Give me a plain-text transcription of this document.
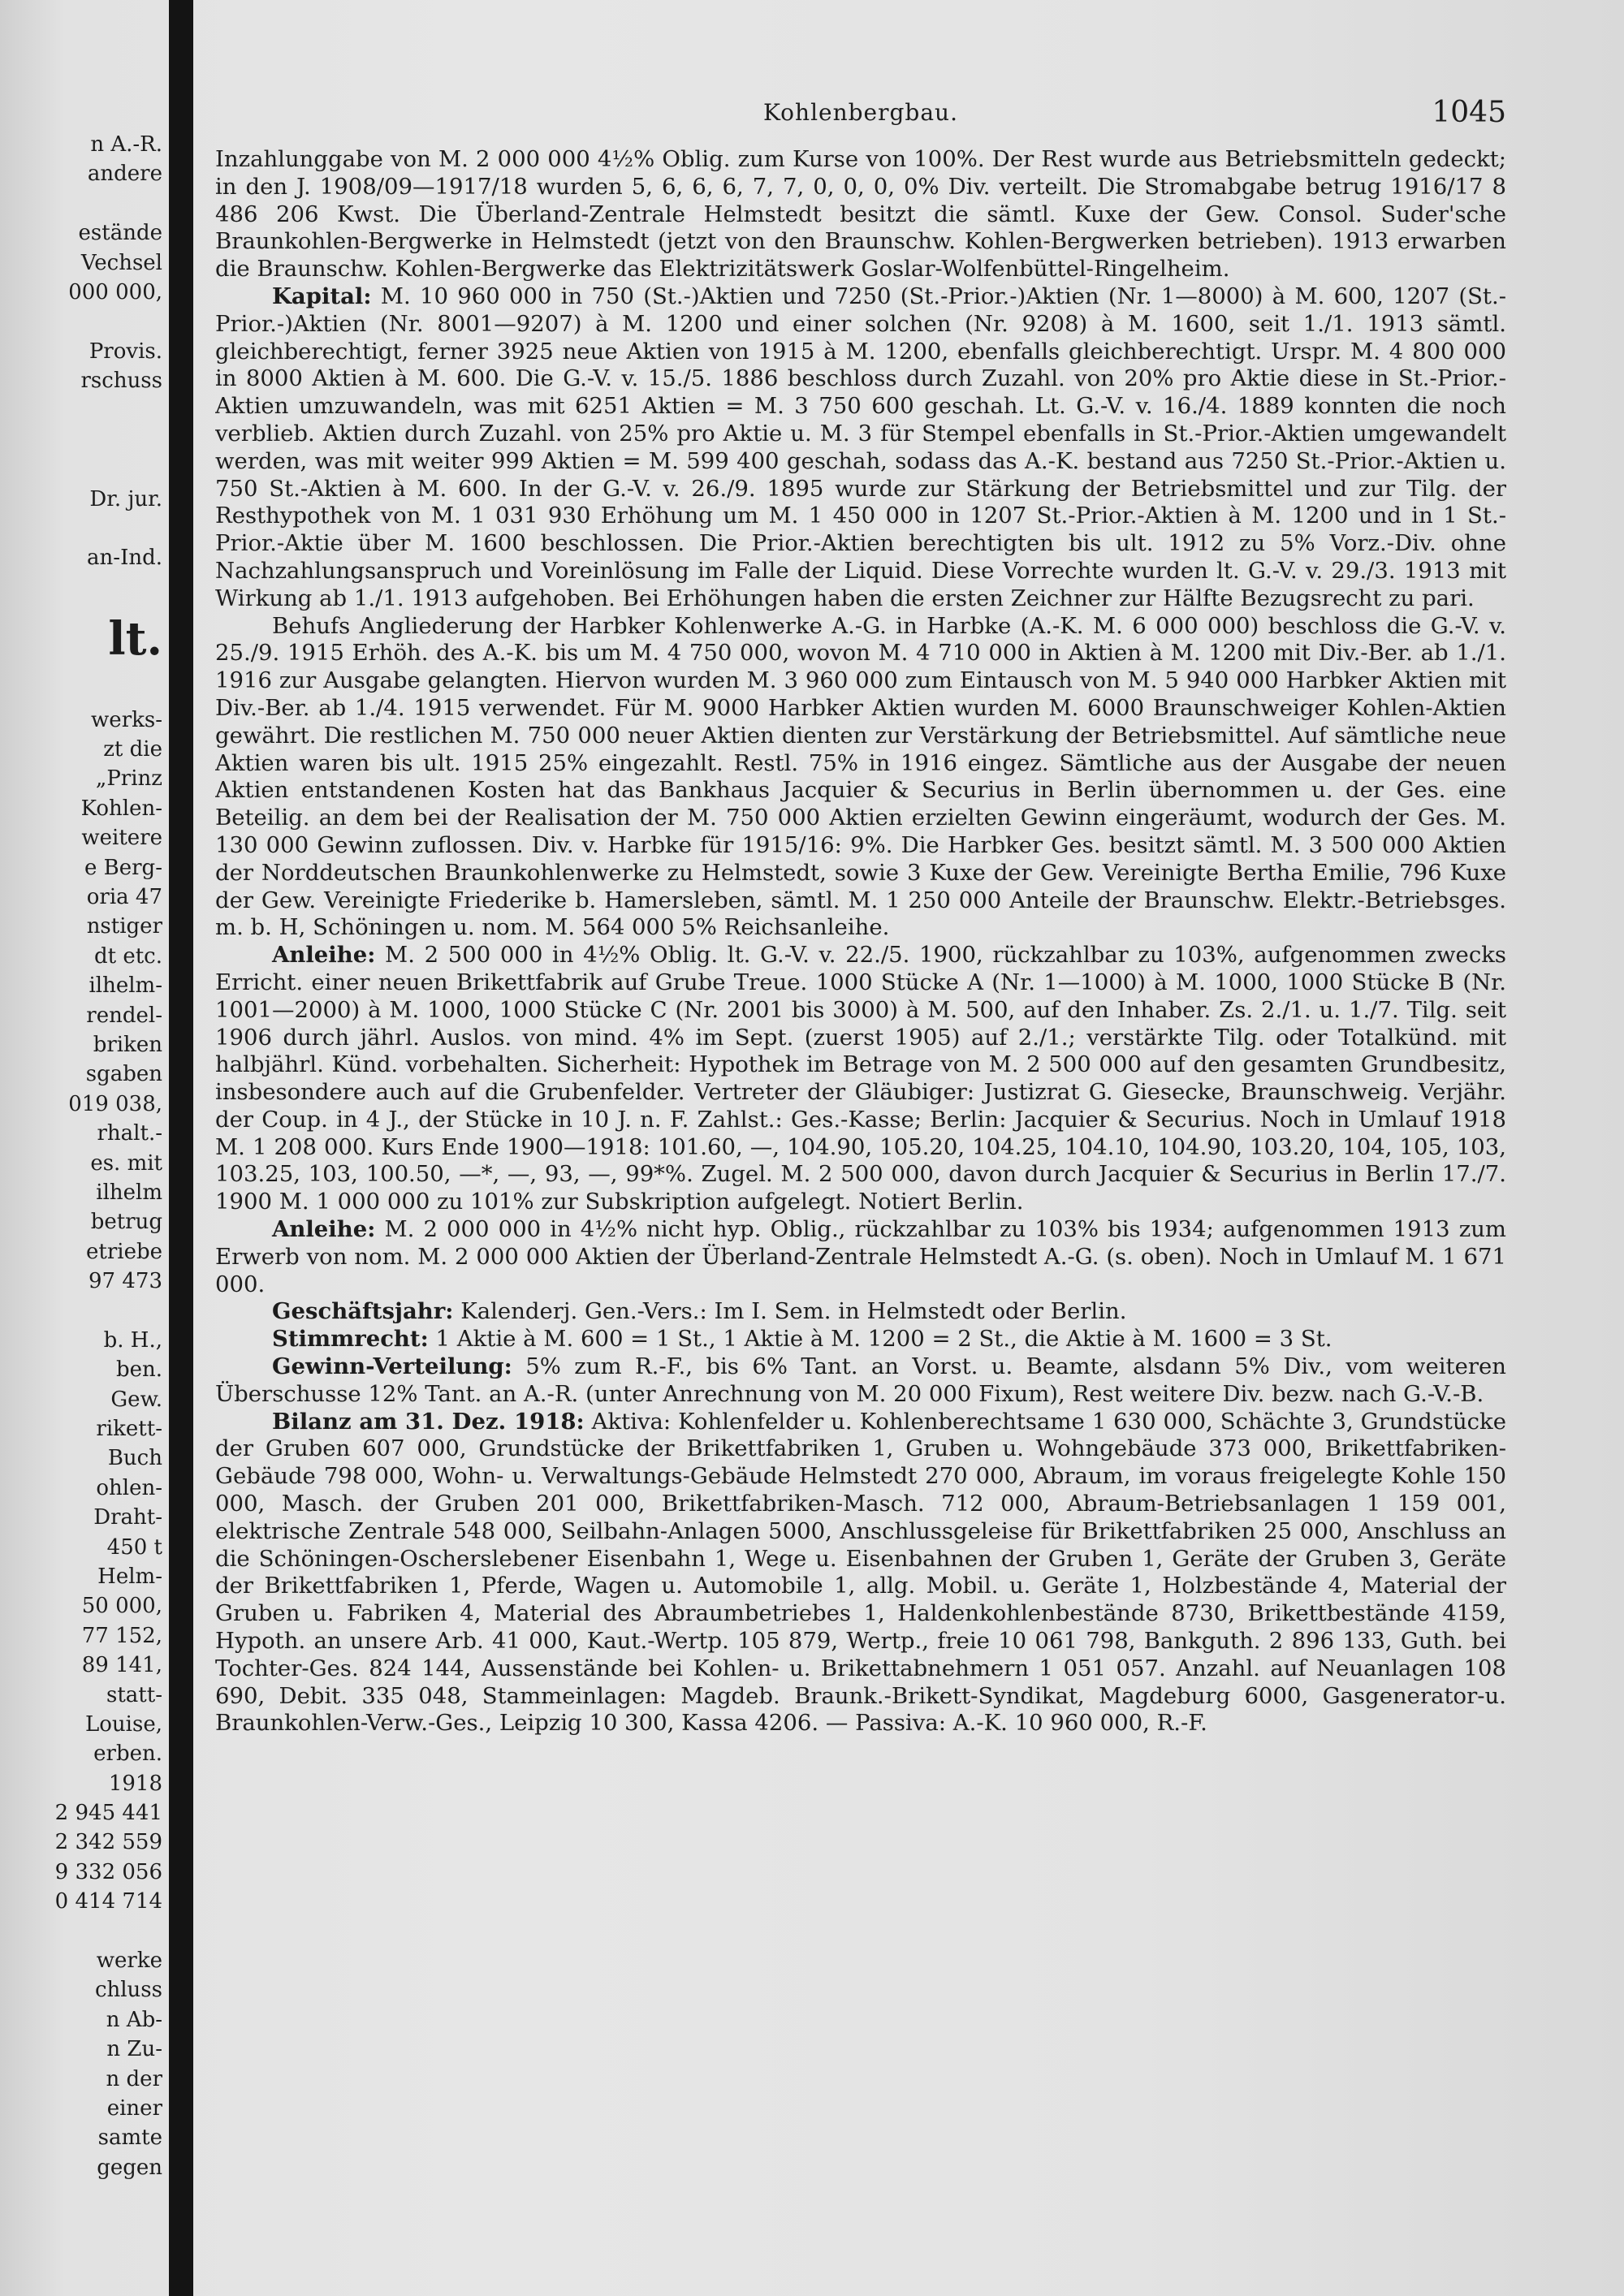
n A.-R.
andere
estände
Vechsel
000 000,
Provis.
rschuss
Dr. jur.
an-Ind.
lt.
werks-
zt die
„Prinz
Kohlen-
weitere
e Berg-
oria 47
nstiger
dt etc.
ilhelm-
rendel-
briken
sgaben
019 038,
rhalt.-
es. mit
ilhelm
betrug
etriebe
97 473
b. H.,
ben.
Gew.
rikett-
Buch
ohlen-
Draht-
450 t
Helm-
50 000,
77 152,
89 141,
statt-
Louise,
erben.
1918
2 945 441
2 342 559
9 332 056
0 414 714
werke
chluss
n Ab-
n Zu-
n der
einer
samte
gegen
Kohlenbergbau.	1045

Inzahlunggabe von M. 2 000 000 4½% Oblig. zum Kurse von 100%. Der Rest wurde aus Betriebsmitteln gedeckt; in den J. 1908/09—1917/18 wurden 5, 6, 6, 6, 7, 7, 0, 0, 0, 0% Div. verteilt. Die Stromabgabe betrug 1916/17 8 486 206 Kwst. Die Überland-Zentrale Helmstedt besitzt die sämtl. Kuxe der Gew. Consol. Suder'sche Braunkohlen-Bergwerke in Helmstedt (jetzt von den Braunschw. Kohlen-Bergwerken betrieben). 1913 erwarben die Braunschw. Kohlen-Bergwerke das Elektrizitätswerk Goslar-Wolfenbüttel-Ringelheim.

Kapital: M. 10 960 000 in 750 (St.-)Aktien und 7250 (St.-Prior.-)Aktien (Nr. 1—8000) à M. 600, 1207 (St.-Prior.-)Aktien (Nr. 8001—9207) à M. 1200 und einer solchen (Nr. 9208) à M. 1600, seit 1./1. 1913 sämtl. gleichberechtigt, ferner 3925 neue Aktien von 1915 à M. 1200, ebenfalls gleichberechtigt. Urspr. M. 4 800 000 in 8000 Aktien à M. 600. Die G.-V. v. 15./5. 1886 beschloss durch Zuzahl. von 20% pro Aktie diese in St.-Prior.-Aktien umzuwandeln, was mit 6251 Aktien = M. 3 750 600 geschah. Lt. G.-V. v. 16./4. 1889 konnten die noch verblieb. Aktien durch Zuzahl. von 25% pro Aktie u. M. 3 für Stempel ebenfalls in St.-Prior.-Aktien umgewandelt werden, was mit weiter 999 Aktien = M. 599 400 geschah, sodass das A.-K. bestand aus 7250 St.-Prior.-Aktien u. 750 St.-Aktien à M. 600. In der G.-V. v. 26./9. 1895 wurde zur Stärkung der Betriebsmittel und zur Tilg. der Resthypothek von M. 1 031 930 Erhöhung um M. 1 450 000 in 1207 St.-Prior.-Aktien à M. 1200 und in 1 St.-Prior.-Aktie über M. 1600 beschlossen. Die Prior.-Aktien berechtigten bis ult. 1912 zu 5% Vorz.-Div. ohne Nachzahlungsanspruch und Voreinlösung im Falle der Liquid. Diese Vorrechte wurden lt. G.-V. v. 29./3. 1913 mit Wirkung ab 1./1. 1913 aufgehoben. Bei Erhöhungen haben die ersten Zeichner zur Hälfte Bezugsrecht zu pari.

Behufs Angliederung der Harbker Kohlenwerke A.-G. in Harbke (A.-K. M. 6 000 000) beschloss die G.-V. v. 25./9. 1915 Erhöh. des A.-K. bis um M. 4 750 000, wovon M. 4 710 000 in Aktien à M. 1200 mit Div.-Ber. ab 1./1. 1916 zur Ausgabe gelangten. Hiervon wurden M. 3 960 000 zum Eintausch von M. 5 940 000 Harbker Aktien mit Div.-Ber. ab 1./4. 1915 verwendet. Für M. 9000 Harbker Aktien wurden M. 6000 Braunschweiger Kohlen-Aktien gewährt. Die restlichen M. 750 000 neuer Aktien dienten zur Verstärkung der Betriebsmittel. Auf sämtliche neue Aktien waren bis ult. 1915 25% eingezahlt. Restl. 75% in 1916 eingez. Sämtliche aus der Ausgabe der neuen Aktien entstandenen Kosten hat das Bankhaus Jacquier & Securius in Berlin übernommen u. der Ges. eine Beteilig. an dem bei der Realisation der M. 750 000 Aktien erzielten Gewinn eingeräumt, wodurch der Ges. M. 130 000 Gewinn zuflossen. Div. v. Harbke für 1915/16: 9%. Die Harbker Ges. besitzt sämtl. M. 3 500 000 Aktien der Norddeutschen Braunkohlenwerke zu Helmstedt, sowie 3 Kuxe der Gew. Vereinigte Bertha Emilie, 796 Kuxe der Gew. Vereinigte Friederike b. Hamersleben, sämtl. M. 1 250 000 Anteile der Braunschw. Elektr.-Betriebsges. m. b. H, Schöningen u. nom. M. 564 000 5% Reichsanleihe.

Anleihe: M. 2 500 000 in 4½% Oblig. lt. G.-V. v. 22./5. 1900, rückzahlbar zu 103%, aufgenommen zwecks Erricht. einer neuen Brikettfabrik auf Grube Treue. 1000 Stücke A (Nr. 1—1000) à M. 1000, 1000 Stücke B (Nr. 1001—2000) à M. 1000, 1000 Stücke C (Nr. 2001 bis 3000) à M. 500, auf den Inhaber. Zs. 2./1. u. 1./7. Tilg. seit 1906 durch jährl. Auslos. von mind. 4% im Sept. (zuerst 1905) auf 2./1.; verstärkte Tilg. oder Totalkünd. mit halbjährl. Künd. vorbehalten. Sicherheit: Hypothek im Betrage von M. 2 500 000 auf den gesamten Grundbesitz, insbesondere auch auf die Grubenfelder. Vertreter der Gläubiger: Justizrat G. Giesecke, Braunschweig. Verjähr. der Coup. in 4 J., der Stücke in 10 J. n. F. Zahlst.: Ges.-Kasse; Berlin: Jacquier & Securius. Noch in Umlauf 1918 M. 1 208 000. Kurs Ende 1900—1918: 101.60, —, 104.90, 105.20, 104.25, 104.10, 104.90, 103.20, 104, 105, 103, 103.25, 103, 100.50, —*, —, 93, —, 99*%. Zugel. M. 2 500 000, davon durch Jacquier & Securius in Berlin 17./7. 1900 M. 1 000 000 zu 101% zur Subskription aufgelegt. Notiert Berlin.

Anleihe: M. 2 000 000 in 4½% nicht hyp. Oblig., rückzahlbar zu 103% bis 1934; aufgenommen 1913 zum Erwerb von nom. M. 2 000 000 Aktien der Überland-Zentrale Helmstedt A.-G. (s. oben). Noch in Umlauf M. 1 671 000.

Geschäftsjahr: Kalenderj. Gen.-Vers.: Im I. Sem. in Helmstedt oder Berlin.

Stimmrecht: 1 Aktie à M. 600 = 1 St., 1 Aktie à M. 1200 = 2 St., die Aktie à M. 1600 = 3 St.

Gewinn-Verteilung: 5% zum R.-F., bis 6% Tant. an Vorst. u. Beamte, alsdann 5% Div., vom weiteren Überschusse 12% Tant. an A.-R. (unter Anrechnung von M. 20 000 Fixum), Rest weitere Div. bezw. nach G.-V.-B.

Bilanz am 31. Dez. 1918: Aktiva: Kohlenfelder u. Kohlenberechtsame 1 630 000, Schächte 3, Grundstücke der Gruben 607 000, Grundstücke der Brikettfabriken 1, Gruben u. Wohngebäude 373 000, Brikettfabriken-Gebäude 798 000, Wohn- u. Verwaltungs-Gebäude Helmstedt 270 000, Abraum, im voraus freigelegte Kohle 150 000, Masch. der Gruben 201 000, Brikettfabriken-Masch. 712 000, Abraum-Betriebsanlagen 1 159 001, elektrische Zentrale 548 000, Seilbahn-Anlagen 5000, Anschlussgeleise für Brikettfabriken 25 000, Anschluss an die Schöningen-Oscherslebener Eisenbahn 1, Wege u. Eisenbahnen der Gruben 1, Geräte der Gruben 3, Geräte der Brikettfabriken 1, Pferde, Wagen u. Automobile 1, allg. Mobil. u. Geräte 1, Holzbestände 4, Material der Gruben u. Fabriken 4, Material des Abraumbetriebes 1, Haldenkohlenbestände 8730, Brikettbestände 4159, Hypoth. an unsere Arb. 41 000, Kaut.-Wertp. 105 879, Wertp., freie 10 061 798, Bankguth. 2 896 133, Guth. bei Tochter-Ges. 824 144, Aussenstände bei Kohlen- u. Brikettabnehmern 1 051 057. Anzahl. auf Neuanlagen 108 690, Debit. 335 048, Stammeinlagen: Magdeb. Braunk.-Brikett-Syndikat, Magdeburg 6000, Gasgenerator-u. Braunkohlen-Verw.-Ges., Leipzig 10 300, Kassa 4206. — Passiva: A.-K. 10 960 000, R.-F.
